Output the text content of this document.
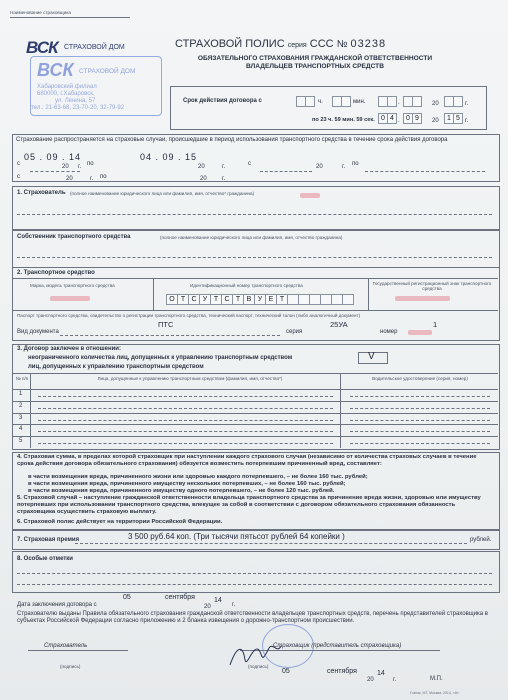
Наименование страховщика
ВСК СТРАХОВОЙ ДОМ
ВСК СТРАХОВОЙ ДОМ
Хабаровский филиал
680000, г.Хабаровск,
ул. Ленина, 57
тел.: 21-63-68, 23-70-20, 32-79-92
СТРАХОВОЙ ПОЛИС серия ССС № 03238
ОБЯЗАТЕЛЬНОГО СТРАХОВАНИЯ ГРАЖДАНСКОЙ ОТВЕТСТВЕННОСТИ
ВЛАДЕЛЬЦЕВ ТРАНСПОРТНЫХ СРЕДСТВ
Срок действия договора с	ч.	мин.	.	20	г.
по 23 ч. 59 мин. 59 сек. 0 4 . 0 9	20	1 5 г.
Страхование распространяется на страховые случаи, происшедшие в период использования транспортного средства в течение срока действия договора
с
05 . 09 . 14
20 г. по
04 . 09 . 15
20	г.	с	20	г. по
с	20	г. по	20	г.
1. Страхователь (полное наименование юридического лица или фамилия, имя, отчество* гражданина)
Собственник транспортного средства	(полное наименование юридического лица или фамилия, имя, отчество гражданина)
2. Транспортное средство
Марка, модель транспортного средства	Идентификационный номер транспортного средства	Государственный регистрационный знак транспортного средства
О Т С У Т С Т В У Е Т
Паспорт транспортного средства, свидетельство о регистрации транспортного средства, технический паспорт, технический талон (либо аналогичный документ)
Вид документа
ПТС
серия
25УА
номер
1
3. Договор заключен в отношении:
неограниченного количества лиц, допущенных к управлению транспортным средством	V
лиц, допущенных к управлению транспортным средством
№ п/п	Лица, допущенные к управлению транспортным средством (фамилия, имя, отчество*)	Водительское удостоверение (серия, номер)
1
2
3
4
5
4. Страховая сумма, в пределах которой страховщик при наступлении каждого страхового случая (независимо от количества страховых случаев в течение срока действия договора обязательного страхования) обязуется возместить потерпевшим причиненный вред, составляет:
в части возмещения вреда, причиненного жизни или здоровью каждого потерпевшего, – не более 160 тыс. рублей;
в части возмещения вреда, причиненного имуществу нескольких потерпевших, – не более 160 тыс. рублей;
в части возмещения вреда, причиненного имуществу одного потерпевшего, – не более 120 тыс. рублей.
5. Страховой случай – наступление гражданской ответственности владельца транспортного средства за причинение вреда жизни, здоровью или имуществу потерпевших при использовании транспортного средства, влекущее за собой в соответствии с договором обязательного страхования обязанность страховщика осуществить страховую выплату.
6. Страховой полис действует на территории Российской Федерации.
7. Страховая премия	3 500 руб.64 коп. (Три тысячи пятьсот рублей 64 копейки )	рублей.
8. Особые отметки
Дата заключения договора с
05	сентября
20
14
г.
Страхователю выданы Правила обязательного страхования гражданской ответственности владельцев транспортных средств, перечень представителей страховщика в субъектах Российской Федерации согласно приложению и 2 бланка извещения о дорожно-транспортном происшествии.
Страхователь
(подпись)
Страховщик (представитель страховщика)
(подпись)
05	сентября
20
14
г.	М.П.
Гознак, МТ, Москва, 2014, «А»
